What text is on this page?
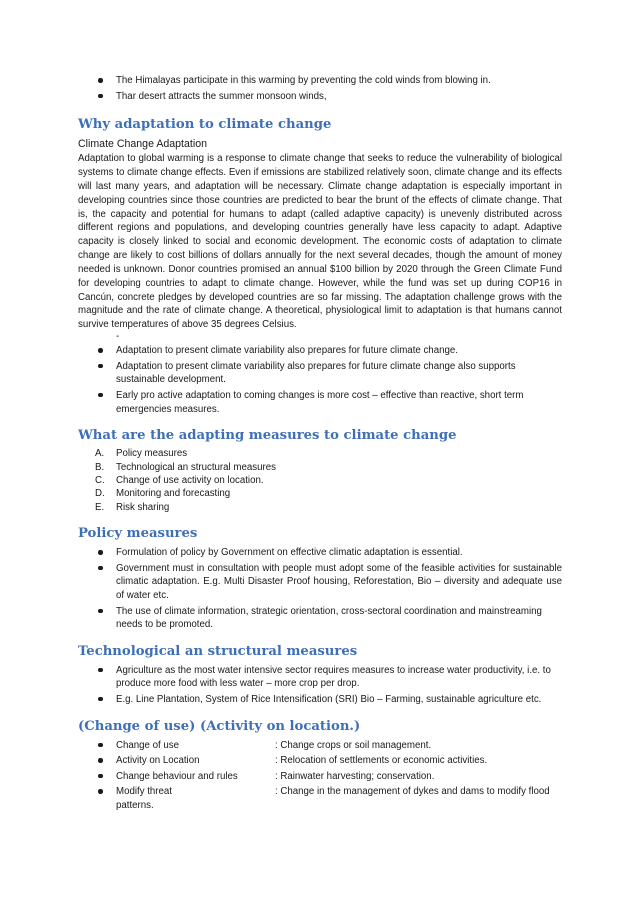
The Himalayas participate in this warming by preventing the cold winds from blowing in.
Thar desert attracts the summer monsoon winds,
Why adaptation to climate change
Climate Change Adaptation

Adaptation to global warming is a response to climate change that seeks to reduce the vulnerability of biological systems to climate change effects. Even if emissions are stabilized relatively soon, climate change and its effects will last many years, and adaptation will be necessary. Climate change adaptation is especially important in developing countries since those countries are predicted to bear the brunt of the effects of climate change. That is, the capacity and potential for humans to adapt (called adaptive capacity) is unevenly distributed across different regions and populations, and developing countries generally have less capacity to adapt. Adaptive capacity is closely linked to social and economic development. The economic costs of adaptation to climate change are likely to cost billions of dollars annually for the next several decades, though the amount of money needed is unknown. Donor countries promised an annual $100 billion by 2020 through the Green Climate Fund for developing countries to adapt to climate change. However, while the fund was set up during COP16 in Cancún, concrete pledges by developed countries are so far missing. The adaptation challenge grows with the magnitude and the rate of climate change. A theoretical, physiological limit to adaptation is that humans cannot survive temperatures of above 35 degrees Celsius.

-
Adaptation to present climate variability also prepares for future climate change.
Adaptation to present climate variability also prepares for future climate change also supports sustainable development.
Early pro active adaptation to coming changes is more cost – effective than reactive, short term emergencies measures.
What are the adapting measures to climate change
A. Policy measures
B. Technological an structural measures
C. Change of use activity on location.
D. Monitoring and forecasting
E. Risk sharing
Policy measures
Formulation of policy by Government on effective climatic adaptation is essential.
Government must in consultation with people must adopt some of the feasible activities for sustainable climatic adaptation. E.g. Multi Disaster Proof housing, Reforestation, Bio – diversity and adequate use of water etc.
The use of climate information, strategic orientation, cross-sectoral coordination and mainstreaming needs to be promoted.
Technological an structural measures
Agriculture as the most water intensive sector requires measures to increase water productivity, i.e. to produce more food with less water – more crop per drop.
E.g. Line Plantation, System of Rice Intensification (SRI) Bio – Farming, sustainable agriculture etc.
(Change of use) (Activity on location.)
Change of use	: Change crops or soil management.
Activity on Location	: Relocation of settlements or economic activities.
Change behaviour and rules	: Rainwater harvesting; conservation.
Modify threat	: Change in the management of dykes and dams to modify flood
patterns.
